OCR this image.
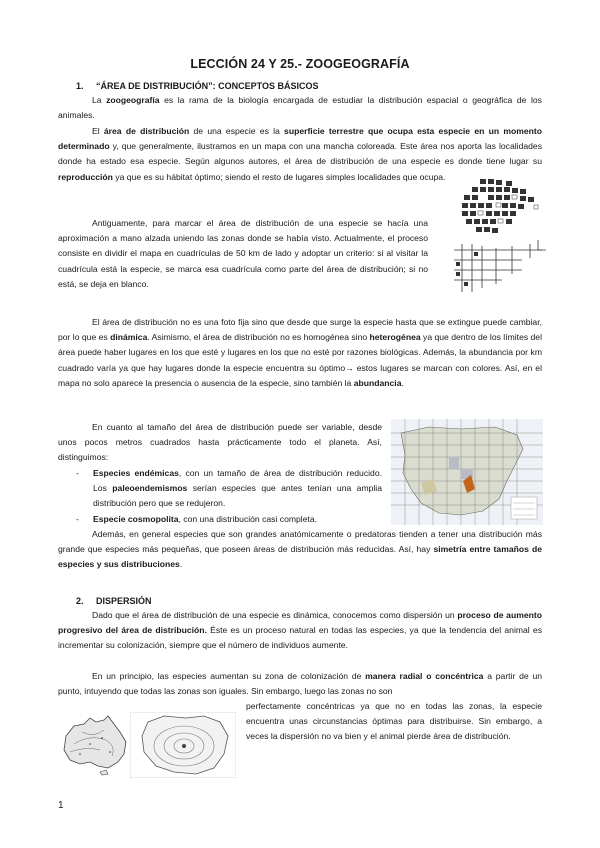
LECCIÓN 24 Y 25.- ZOOGEOGRAFÍA
1. “ÁREA DE DISTRIBUCIÓN”: CONCEPTOS BÁSICOS

La zoogeografía es la rama de la biología encargada de estudiar la distribución espacial o geográfica de los animales.

El área de distribución de una especie es la superficie terrestre que ocupa esta especie en un momento determinado y, que generalmente, ilustramos en un mapa con una mancha coloreada. Este área nos aporta las localidades donde ha estado esa especie. Según algunos autores, el área de distribución de una especie es donde tiene lugar su reproducción ya que es su hábitat óptimo; siendo el resto de lugares simples localidades que ocupa.

Antiguamente, para marcar el área de distribución de una especie se hacía una aproximación a mano alzada uniendo las zonas donde se había visto. Actualmente, el proceso consiste en dividir el mapa en cuadrículas de 50 km de lado y adoptar un criterio: si al visitar la cuadrícula está la especie, se marca esa cuadrícula como parte del área de distribución; si no está, se deja en blanco.

El área de distribución no es una foto fija sino que desde que surge la especie hasta que se extingue puede cambiar, por lo que es dinámica. Asimismo, el área de distribución no es homogénea sino heterogénea ya que dentro de los límites del área puede haber lugares en los que esté y lugares en los que no esté por razones biológicas. Además, la abundancia por km cuadrado varía ya que hay lugares donde la especie encuentra su óptimo→ estos lugares se marcan con colores. Así, en el mapa no solo aparece la presencia o ausencia de la especie, sino también la abundancia.

En cuanto al tamaño del área de distribución puede ser variable, desde unos pocos metros cuadrados hasta prácticamente todo el planeta. Así, distinguimos:

- Especies endémicas, con un tamaño de área de distribución reducido. Los paleoendemismos serían especies que antes tenían una amplia distribución pero que se redujeron.
- Especie cosmopolita, con una distribución casi completa.

Además, en general especies que son grandes anatómicamente o predatoras tienden a tener una distribución más grande que especies más pequeñas, que poseen áreas de distribución más reducidas. Así, hay simetría entre tamaños de especies y sus distribuciones.

2. DISPERSIÓN

Dado que el área de distribución de una especie es dinámica, conocemos como dispersión un proceso de aumento progresivo del área de distribución. Éste es un proceso natural en todas las especies, ya que la tendencia del animal es incrementar su colonización, siempre que el número de individuos aumente.

En un principio, las especies aumentan su zona de colonización de manera radial o concéntrica a partir de un punto, intuyendo que todas las zonas son iguales. Sin embargo, luego las zonas no son

perfectamente concéntricas ya que no en todas las zonas, la especie encuentra unas circunstancias óptimas para distribuirse. Sin embargo, a veces la dispersión no va bien y el animal pierde área de distribución.

1
